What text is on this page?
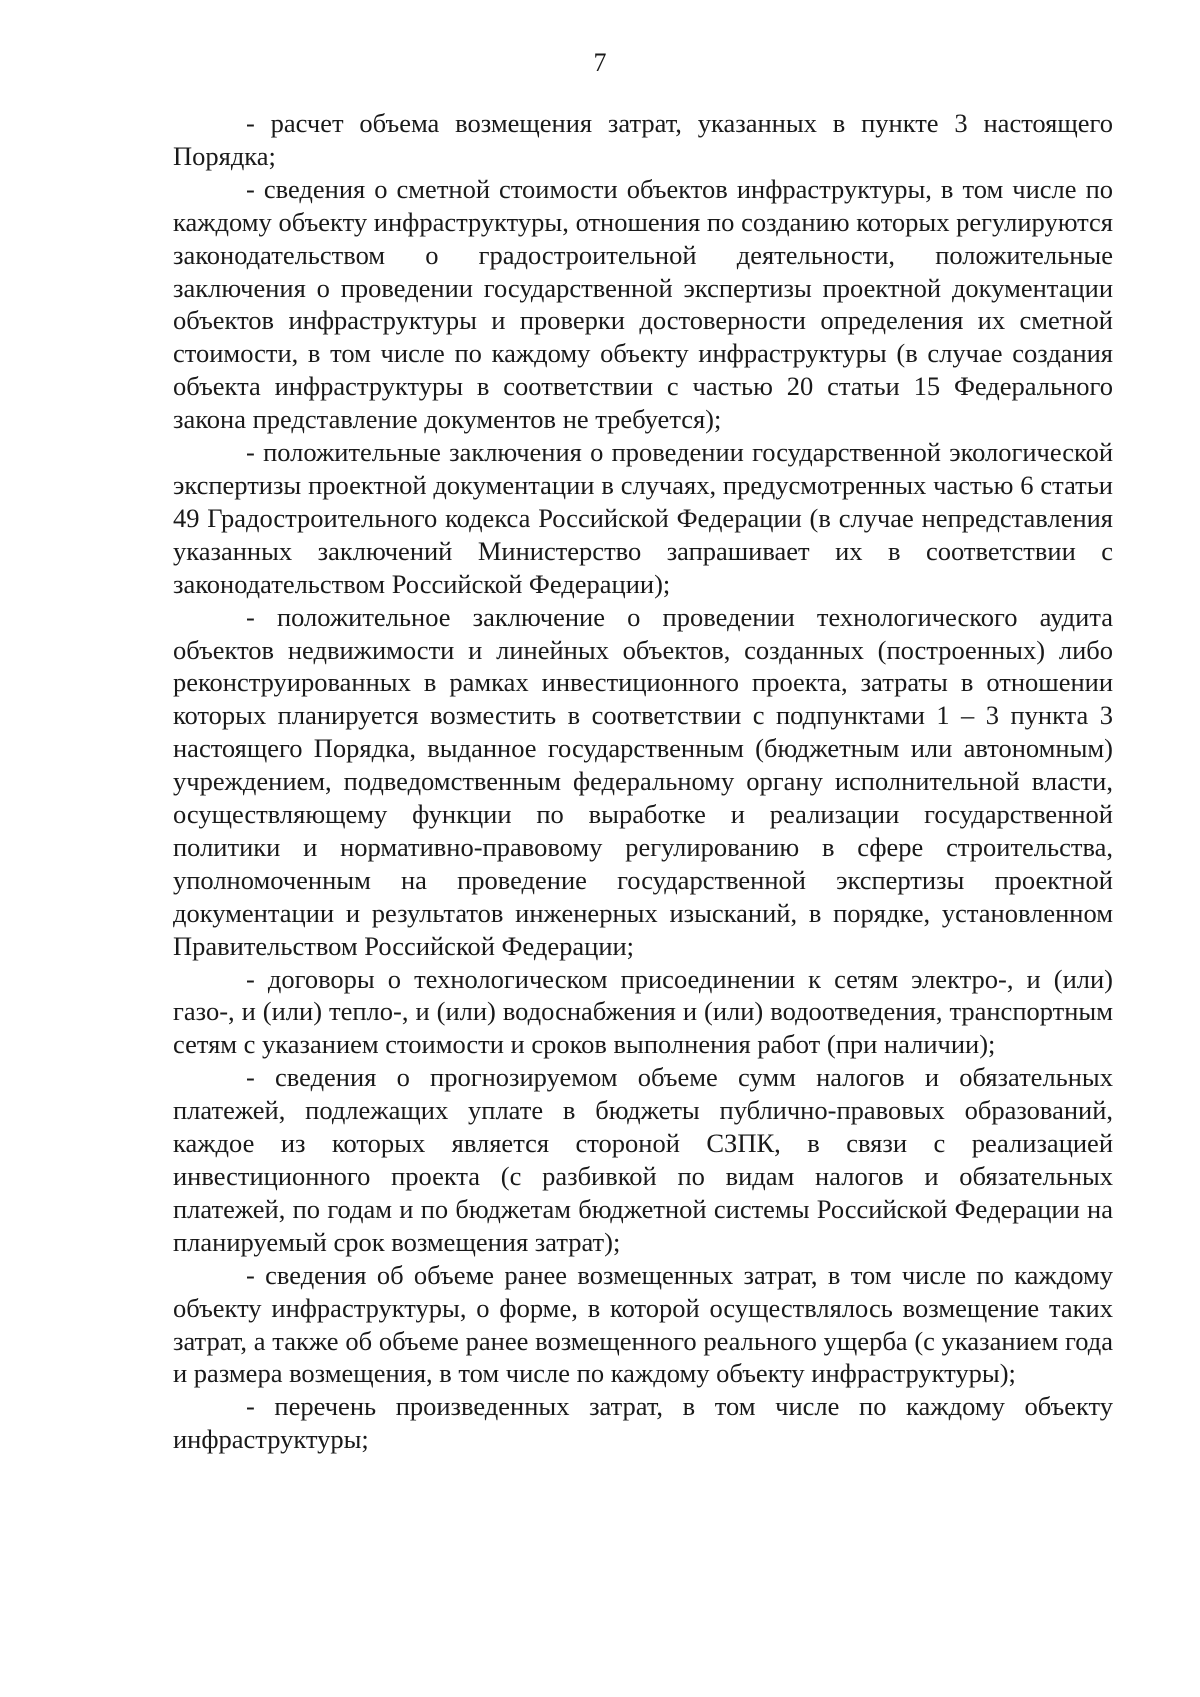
7

- расчет объема возмещения затрат, указанных в пункте 3 настоящего Порядка;

- сведения о сметной стоимости объектов инфраструктуры, в том числе по каждому объекту инфраструктуры, отношения по созданию которых регулируются законодательством о градостроительной деятельности, положительные заключения о проведении государственной экспертизы проектной документации объектов инфраструктуры и проверки достоверности определения их сметной стоимости, в том числе по каждому объекту инфраструктуры (в случае создания объекта инфраструктуры в соответствии с частью 20 статьи 15 Федерального закона представление документов не требуется);

- положительные заключения о проведении государственной экологической экспертизы проектной документации в случаях, предусмотренных частью 6 статьи 49 Градостроительного кодекса Российской Федерации (в случае непредставления указанных заключений Министерство запрашивает их в соответствии с законодательством Российской Федерации);

- положительное заключение о проведении технологического аудита объектов недвижимости и линейных объектов, созданных (построенных) либо реконструированных в рамках инвестиционного проекта, затраты в отношении которых планируется возместить в соответствии с подпунктами 1 – 3 пункта 3 настоящего Порядка, выданное государственным (бюджетным или автономным) учреждением, подведомственным федеральному органу исполнительной власти, осуществляющему функции по выработке и реализации государственной политики и нормативно-правовому регулированию в сфере строительства, уполномоченным на проведение государственной экспертизы проектной документации и результатов инженерных изысканий, в порядке, установленном Правительством Российской Федерации;

- договоры о технологическом присоединении к сетям электро-, и (или) газо-, и (или) тепло-, и (или) водоснабжения и (или) водоотведения, транспортным сетям с указанием стоимости и сроков выполнения работ (при наличии);

- сведения о прогнозируемом объеме сумм налогов и обязательных платежей, подлежащих уплате в бюджеты публично-правовых образований, каждое из которых является стороной СЗПК, в связи с реализацией инвестиционного проекта (с разбивкой по видам налогов и обязательных платежей, по годам и по бюджетам бюджетной системы Российской Федерации на планируемый срок возмещения затрат);

- сведения об объеме ранее возмещенных затрат, в том числе по каждому объекту инфраструктуры, о форме, в которой осуществлялось возмещение таких затрат, а также об объеме ранее возмещенного реального ущерба (с указанием года и размера возмещения, в том числе по каждому объекту инфраструктуры);

- перечень произведенных затрат, в том числе по каждому объекту инфраструктуры;
